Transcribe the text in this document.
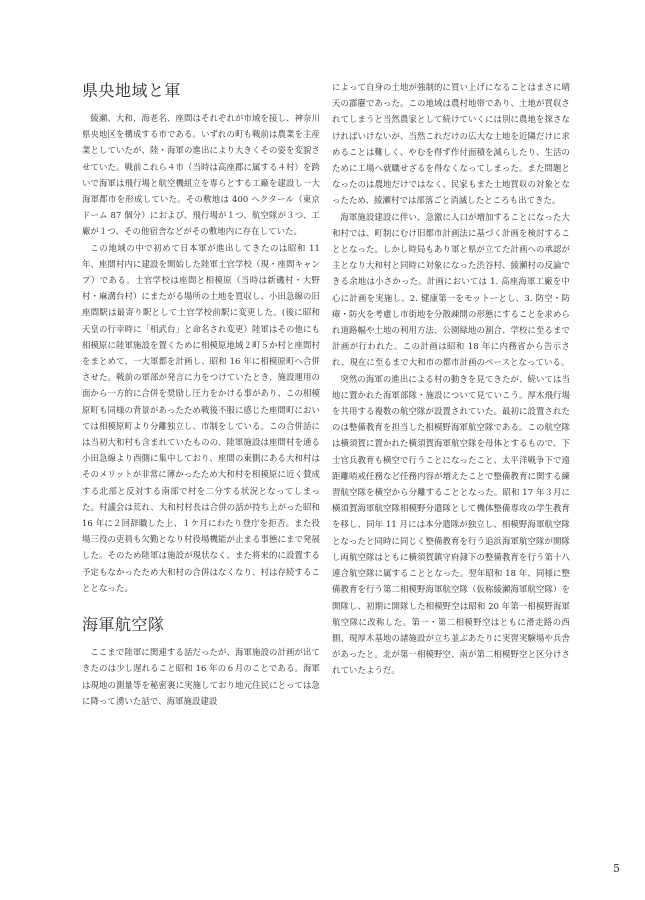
県央地域と軍

綾瀬、大和、海老名、座間はそれぞれが市域を接し、神奈川県央地区を構成する市である。いずれの町も戦前は農業を主産業としていたが、陸・海軍の進出により大きくその姿を変貌させていた。戦前これら４市（当時は高座郡に属する４村）を跨いで海軍は飛行場と航空機組立を専らとする工廠を建設し一大海軍都市を形成していた。その敷地は 400 ヘクタール（東京ドーム 87 個分）におよび、飛行場が１つ、航空隊が３つ、工廠が１つ、その他宿舎などがその敷地内に存在していた。

この地域の中で初めて日本軍が進出してきたのは昭和 11 年、座間村内に建設を開始した陸軍士官学校（現・座間キャンプ）である。士官学校は座間と相模原（当時は新磯村・大野村・麻溝台村）にまたがる場所の土地を買収し、小田急線の旧座間駅は最寄り駅として士官学校前駅に変更した。(後に昭和天皇の行幸時に「相武台」と命名され変更）陸軍はその他にも相模原に陸軍施設を置くために相模原地域２町５か村と座間村をまとめて、一大軍都を計画し、昭和 16 年に相模原町へ合併させた。戦前の軍部が発言に力をつけていたとき、施設運用の面から一方的に合併を奨励し圧力をかける事があり、この相模原町も同様の背景があったため戦後不服に感じた座間町においては相模原町より分離独立し、市制をしている。この合併話には当初大和村も含まれていたものの、陸軍施設は座間村を通る小田急線より西側に集中しており、座間の東側にある大和村はそのメリットが非常に薄かったため大和村を相模原に近く賛成する北部と反対する南部で村を二分する状況となってしまった。村議会は荒れ、大和村村長は合併の話が持ち上がった昭和 16 年に２回辞職した上、１ケ月にわたり登庁を拒否。また役場三役の吏員も欠勤となり村役場機能が止まる事態にまで発展した。そのため陸軍は施設が現状なく、また将来的に設置する予定もなかったため大和村の合併はなくなり、村は存続することとなった。

海軍航空隊

ここまで陸軍に関連する話だったが、海軍施設の計画が出てきたのは少し遅れること昭和 16 年の６月のことである。海軍は現地の測量等を秘密裏に実施しており地元住民にとっては急に降って湧いた話で、海軍施設建設

によって自身の土地が強制的に買い上げになることはまさに晴天の霹靂であった。この地域は農村地帯であり、土地が買収されてしまうと当然農家として続けていくには別に農地を探さなければいけないが、当然これだけの広大な土地を近隣だけに求めることは難しく、やむを得ず作付面積を減らしたり、生活のために工場へ就職せざるを得なくなってしまった。また問題となったのは農地だけではなく、民家もまた土地買収の対象となったため、綾瀬村では部落ごと消滅したところも出てきた。

海軍施設建設に伴い、急激に人口が増加することになった大和村では、町制にむけ旧都市計画法に基づく計画を検討することとなった。しかし時局もあり軍と県が立てた計画への承認が主となり大和村と同時に対象になった渋谷村、綾瀬村の反論できる余地は小さかった。計画においては 1. 高座海軍工廠を中心に計画を実施し、2. 健康第一をモットーとし、3. 防空・防瘴・防火を考慮し市街地を分散疎開の形態にすることを求められ道路幅や土地の利用方法、公園緑地の割合、学校に至るまで計画が行われた。この計画は昭和 18 年に内務省から告示され、現在に至るまで大和市の都市計画のベースとなっている。

突然の海軍の進出による村の動きを見てきたが、続いては当地に置かれた海軍部隊・施設について見ていこう。厚木飛行場を共用する複数の航空隊が設置されていた。最初に設置されたのは整備教育を担当した相模野海軍航空隊である。この航空隊は横須賀に置かれた横須賀海軍航空隊を母体とするもので、下士官兵教育も横空で行うことになったこと、太平洋戦争下で遠距離哨戒任務など任務内容が増えたことで整備教育に関する練習航空隊を横空から分離することとなった。昭和 17 年３月に横須賀海軍航空隊相模野分遣隊として機体整備専攻の学生教育を移し、同年 11 月には本分遣隊が独立し、相模野海軍航空隊となったと同時に同じく整備教育を行う追浜海軍航空隊が開隊し両航空隊はともに横須賀鎮守府隷下の整備教育を行う第十八連合航空隊に属することとなった。翌年昭和 18 年、同様に整備教育を行う第二相模野海軍航空隊（仮称綾瀬海軍航空隊）を開隊し、初期に開隊した相模野空は昭和 20 年第一相模野海軍航空隊に改称した。第一・第二相模野空はともに滑走路の西側、現厚木基地の諸施設が立ち並ぶあたりに実習実験場や兵舎があったと。北が第一相模野空、南が第二相模野空と区分けされていたようだ。

5
